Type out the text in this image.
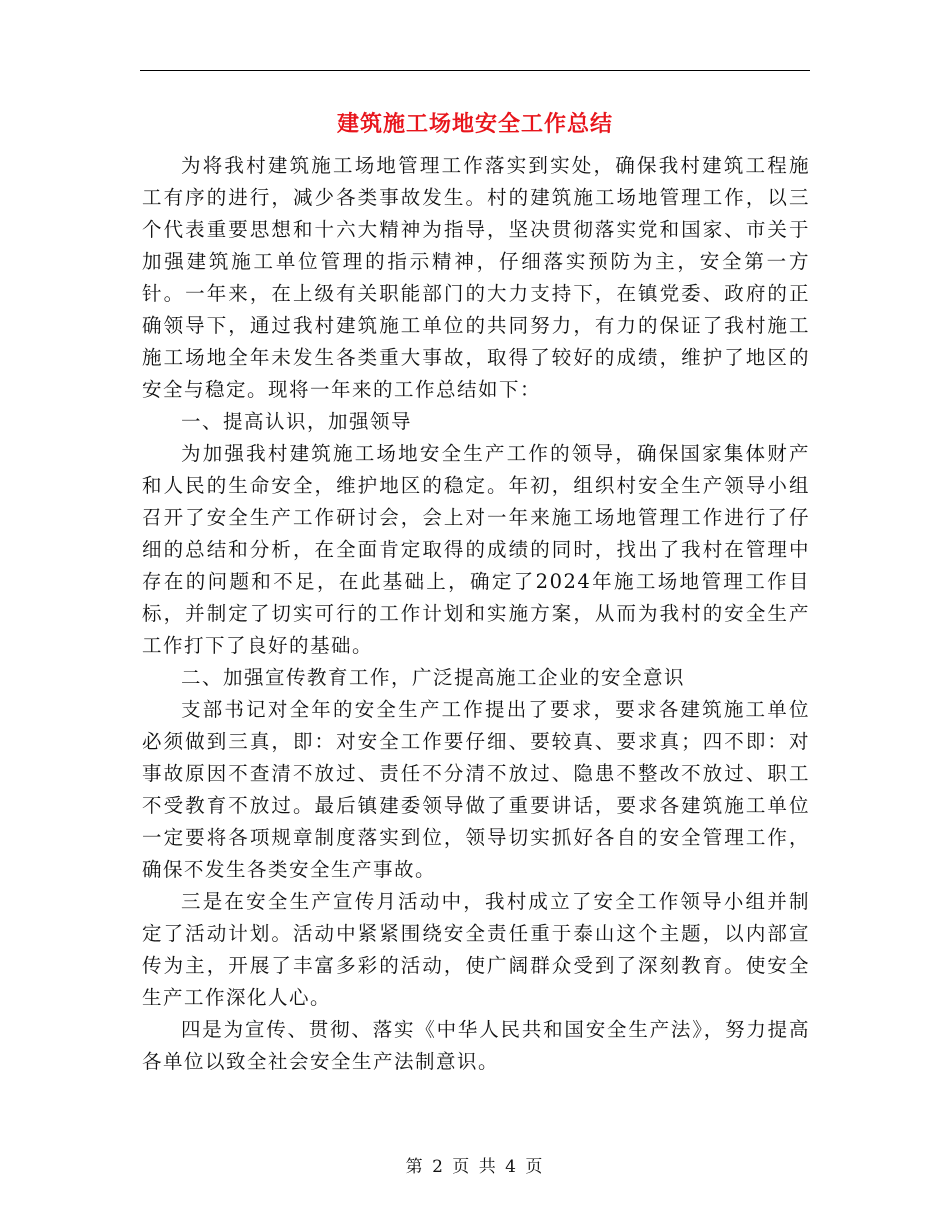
建筑施工场地安全工作总结

为将我村建筑施工场地管理工作落实到实处，确保我村建筑工程施工有序的进行，减少各类事故发生。村的建筑施工场地管理工作，以三个代表重要思想和十六大精神为指导，坚决贯彻落实党和国家、市关于加强建筑施工单位管理的指示精神，仔细落实预防为主，安全第一方针。一年来，在上级有关职能部门的大力支持下，在镇党委、政府的正确领导下，通过我村建筑施工单位的共同努力，有力的保证了我村施工施工场地全年未发生各类重大事故，取得了较好的成绩，维护了地区的安全与稳定。现将一年来的工作总结如下：

一、提高认识，加强领导

为加强我村建筑施工场地安全生产工作的领导，确保国家集体财产和人民的生命安全，维护地区的稳定。年初，组织村安全生产领导小组召开了安全生产工作研讨会，会上对一年来施工场地管理工作进行了仔细的总结和分析，在全面肯定取得的成绩的同时，找出了我村在管理中存在的问题和不足，在此基础上，确定了2024年施工场地管理工作目标，并制定了切实可行的工作计划和实施方案，从而为我村的安全生产工作打下了良好的基础。

二、加强宣传教育工作，广泛提高施工企业的安全意识

支部书记对全年的安全生产工作提出了要求，要求各建筑施工单位必须做到三真，即：对安全工作要仔细、要较真、要求真；四不即：对事故原因不查清不放过、责任不分清不放过、隐患不整改不放过、职工不受教育不放过。最后镇建委领导做了重要讲话，要求各建筑施工单位一定要将各项规章制度落实到位，领导切实抓好各自的安全管理工作，确保不发生各类安全生产事故。

三是在安全生产宣传月活动中，我村成立了安全工作领导小组并制定了活动计划。活动中紧紧围绕安全责任重于泰山这个主题，以内部宣传为主，开展了丰富多彩的活动，使广阔群众受到了深刻教育。使安全生产工作深化人心。

四是为宣传、贯彻、落实《中华人民共和国安全生产法》，努力提高各单位以致全社会安全生产法制意识。

第 2 页 共 4 页
